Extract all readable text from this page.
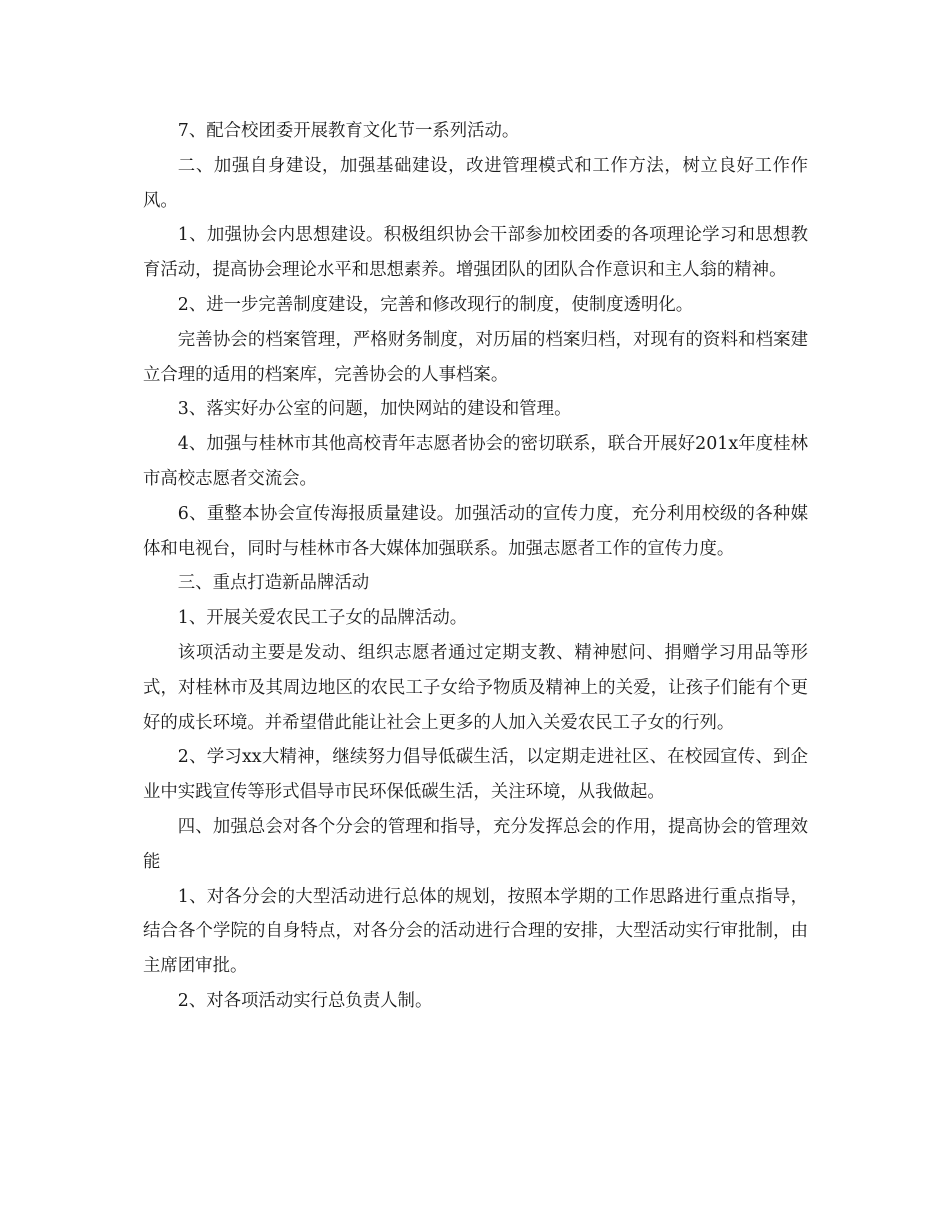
7、配合校团委开展教育文化节一系列活动。

二、加强自身建设，加强基础建设，改进管理模式和工作方法，树立良好工作作风。

1、加强协会内思想建设。积极组织协会干部参加校团委的各项理论学习和思想教育活动，提高协会理论水平和思想素养。增强团队的团队合作意识和主人翁的精神。

2、进一步完善制度建设，完善和修改现行的制度，使制度透明化。

完善协会的档案管理，严格财务制度，对历届的档案归档，对现有的资料和档案建立合理的适用的档案库，完善协会的人事档案。

3、落实好办公室的问题，加快网站的建设和管理。

4、加强与桂林市其他高校青年志愿者协会的密切联系，联合开展好201x年度桂林市高校志愿者交流会。

6、重整本协会宣传海报质量建设。加强活动的宣传力度，充分利用校级的各种媒体和电视台，同时与桂林市各大媒体加强联系。加强志愿者工作的宣传力度。

三、重点打造新品牌活动

1、开展关爱农民工子女的品牌活动。

该项活动主要是发动、组织志愿者通过定期支教、精神慰问、捐赠学习用品等形式，对桂林市及其周边地区的农民工子女给予物质及精神上的关爱，让孩子们能有个更好的成长环境。并希望借此能让社会上更多的人加入关爱农民工子女的行列。

2、学习xx大精神，继续努力倡导低碳生活，以定期走进社区、在校园宣传、到企业中实践宣传等形式倡导市民环保低碳生活，关注环境，从我做起。

四、加强总会对各个分会的管理和指导，充分发挥总会的作用，提高协会的管理效能

1、对各分会的大型活动进行总体的规划，按照本学期的工作思路进行重点指导，结合各个学院的自身特点，对各分会的活动进行合理的安排，大型活动实行审批制，由主席团审批。

2、对各项活动实行总负责人制。
